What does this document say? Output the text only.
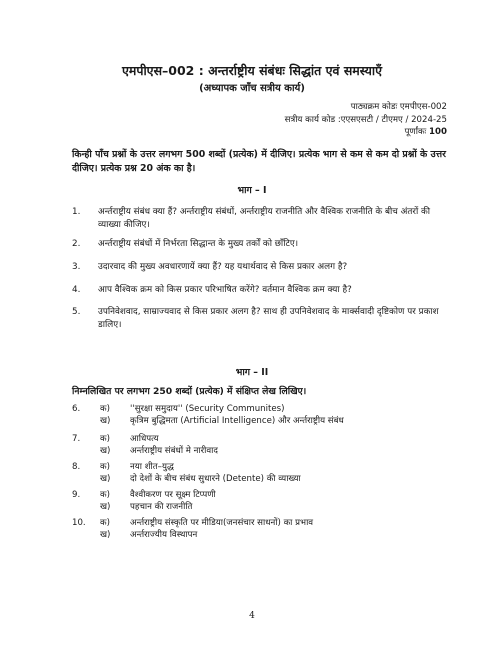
एमपीएस–002 : अन्तर्राष्ट्रीय संबंधः सिद्धांत एवं समस्याएँ
(अध्यापक जाँच सत्रीय कार्य)
पाठ्यक्रम कोडः एमपीएस-002
सत्रीय कार्य कोड :एएसएसटी / टीएमए / 2024-25
पूर्णांकः 100
किन्ही पाँच प्रश्नों के उत्तर लगभग 500 शब्दों (प्रत्येक) में दीजिए। प्रत्येक भाग से कम से कम दो प्रश्नों के उत्तर दीजिए। प्रत्येक प्रश्न 20 अंक का है।
भाग – I
1.	अर्न्तराष्ट्रीय संबंध क्या हैं? अर्न्तराष्ट्रीय संबंधों, अर्न्तराष्ट्रीय राजनीति और वैश्विक राजनीति के बीच अंतरों की व्याख्या कीजिए।
2.	अर्न्तराष्ट्रीय संबंधों में निर्भरता सिद्धान्त के मुख्य तर्कों को छाँटिए।
3.	उदारवाद की मुख्य अवधारणायें क्या हैं? यह यथार्थवाद से किस प्रकार अलग है?
4.	आप वैश्विक क्रम को किस प्रकार परिभाषित करेंगे? वर्तमान वैश्विक क्रम क्या है?
5.	उपनिवेशवाद, साम्राज्यवाद से किस प्रकार अलग है? साथ ही उपनिवेशवाद के मार्क्सवादी दृष्टिकोण पर प्रकाश डालिए।
भाग – II
निम्नलिखित पर लगभग 250 शब्दों (प्रत्येक) में संक्षिप्त लेख लिखिए।
6. क) ''सुरक्षा समुदाय'' (Security Communites)
ख) कृत्रिम बुद्धिमता (Artificial Intelligence) और अर्न्तराष्ट्रीय संबंध
7. क) आधिपत्य
ख) अर्न्तराष्ट्रीय संबंधों मे नारीवाद
8. क) नया शीत–युद्ध
ख) दो देशों के बीच संबंध सुधारने (Detente) की व्याख्या
9. क) वैश्वीकरण पर सूक्ष्म टिप्पणी
ख) पहचान की राजनीति
10. क) अर्न्तराष्ट्रीय संस्कृति पर मीडिया(जनसंचार साधनों) का प्रभाव
ख) अर्न्तराज्यीय विस्थापन
4
